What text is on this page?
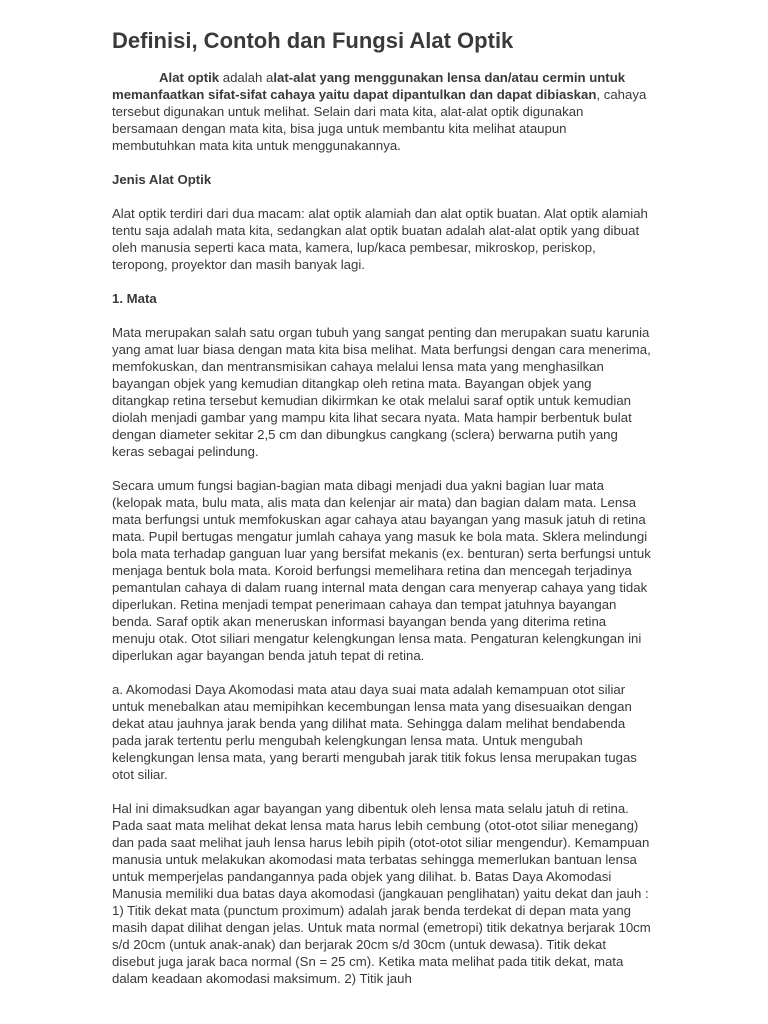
Definisi, Contoh dan Fungsi Alat Optik

Alat optik adalah alat-alat yang menggunakan lensa dan/atau cermin untuk memanfaatkan sifat-sifat cahaya yaitu dapat dipantulkan dan dapat dibiaskan, cahaya tersebut digunakan untuk melihat. Selain dari mata kita, alat-alat optik digunakan bersamaan dengan mata kita, bisa juga untuk membantu kita melihat ataupun membutuhkan mata kita untuk menggunakannya.

Jenis Alat Optik

Alat optik terdiri dari dua macam: alat optik alamiah dan alat optik buatan. Alat optik alamiah tentu saja adalah mata kita, sedangkan alat optik buatan adalah alat-alat optik yang dibuat oleh manusia seperti kaca mata, kamera, lup/kaca pembesar, mikroskop, periskop, teropong, proyektor dan masih banyak lagi.

1. Mata

Mata merupakan salah satu organ tubuh yang sangat penting dan merupakan suatu karunia yang amat luar biasa dengan mata kita bisa melihat. Mata berfungsi dengan cara menerima, memfokuskan, dan mentransmisikan cahaya melalui lensa mata yang menghasilkan bayangan objek yang kemudian ditangkap oleh retina mata. Bayangan objek yang ditangkap retina tersebut kemudian dikirmkan ke otak melalui saraf optik untuk kemudian diolah menjadi gambar yang mampu kita lihat secara nyata. Mata hampir berbentuk bulat dengan diameter sekitar 2,5 cm dan dibungkus cangkang (sclera) berwarna putih yang keras sebagai pelindung.

Secara umum fungsi bagian-bagian mata dibagi menjadi dua yakni bagian luar mata (kelopak mata, bulu mata, alis mata dan kelenjar air mata) dan bagian dalam mata. Lensa mata berfungsi untuk memfokuskan agar cahaya atau bayangan yang masuk jatuh di retina mata. Pupil bertugas mengatur jumlah cahaya yang masuk ke bola mata. Sklera melindungi bola mata terhadap ganguan luar yang bersifat mekanis (ex. benturan) serta berfungsi untuk menjaga bentuk bola mata. Koroid berfungsi memelihara retina dan mencegah terjadinya pemantulan cahaya di dalam ruang internal mata dengan cara menyerap cahaya yang tidak diperlukan. Retina menjadi tempat penerimaan cahaya dan tempat jatuhnya bayangan benda. Saraf optik akan meneruskan informasi bayangan benda yang diterima retina menuju otak. Otot siliari mengatur kelengkungan lensa mata. Pengaturan kelengkungan ini diperlukan agar bayangan benda jatuh tepat di retina.

a. Akomodasi Daya Akomodasi mata atau daya suai mata adalah kemampuan otot siliar untuk menebalkan atau memipihkan kecembungan lensa mata yang disesuaikan dengan dekat atau jauhnya jarak benda yang dilihat mata. Sehingga dalam melihat bendabenda pada jarak tertentu perlu mengubah kelengkungan lensa mata. Untuk mengubah kelengkungan lensa mata, yang berarti mengubah jarak titik fokus lensa merupakan tugas otot siliar.

Hal ini dimaksudkan agar bayangan yang dibentuk oleh lensa mata selalu jatuh di retina. Pada saat mata melihat dekat lensa mata harus lebih cembung (otot-otot siliar menegang) dan pada saat melihat jauh lensa harus lebih pipih (otot-otot siliar mengendur). Kemampuan manusia untuk melakukan akomodasi mata terbatas sehingga memerlukan bantuan lensa untuk memperjelas pandangannya pada objek yang dilihat. b. Batas Daya Akomodasi Manusia memiliki dua batas daya akomodasi (jangkauan penglihatan) yaitu dekat dan jauh : 1) Titik dekat mata (punctum proximum) adalah jarak benda terdekat di depan mata yang masih dapat dilihat dengan jelas. Untuk mata normal (emetropi) titik dekatnya berjarak 10cm s/d 20cm (untuk anak-anak) dan berjarak 20cm s/d 30cm (untuk dewasa). Titik dekat disebut juga jarak baca normal (Sn = 25 cm). Ketika mata melihat pada titik dekat, mata dalam keadaan akomodasi maksimum. 2) Titik jauh
